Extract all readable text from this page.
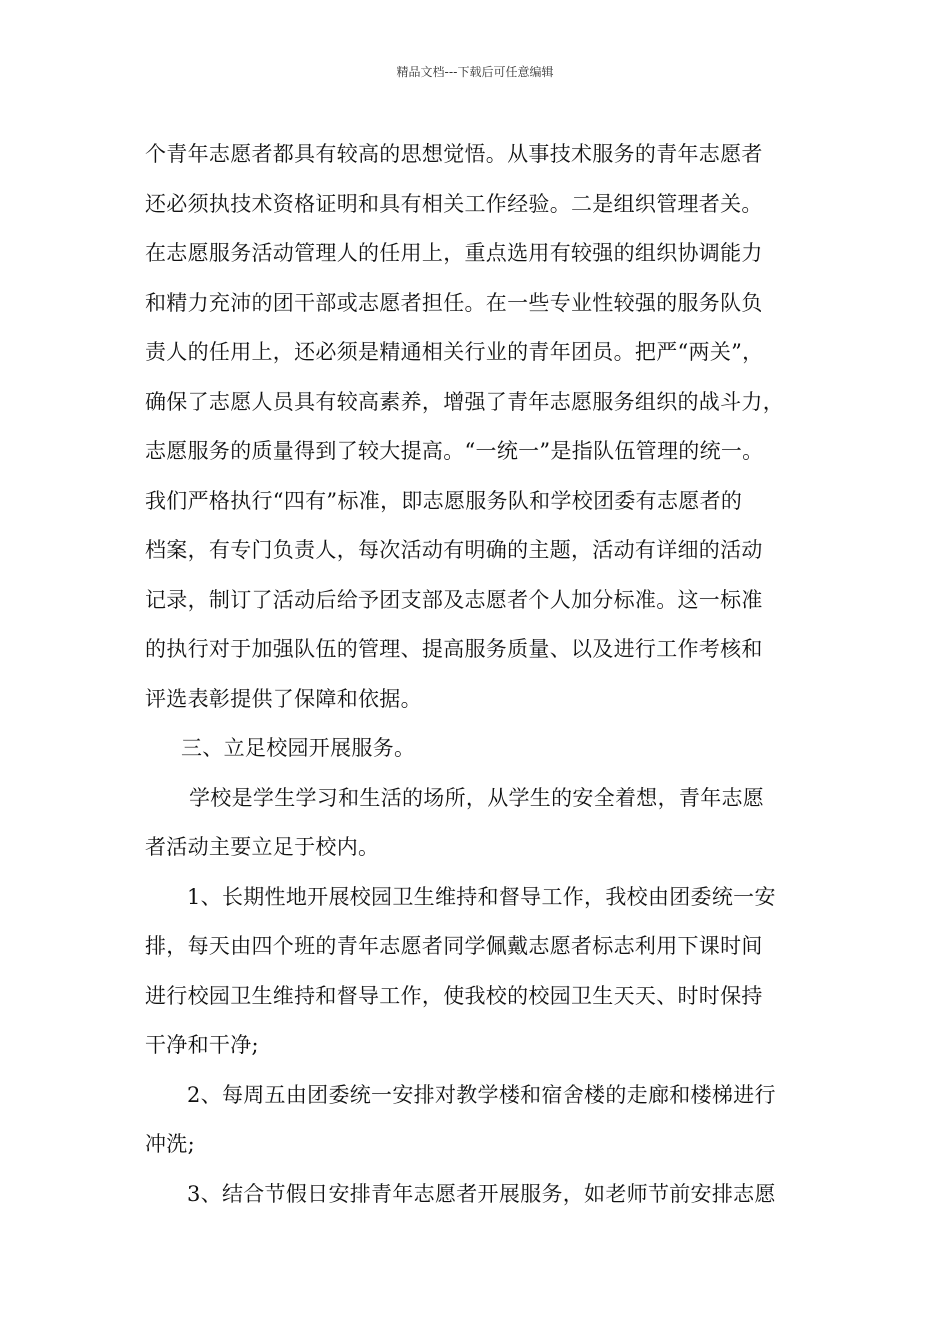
精品文档---下载后可任意编辑
个青年志愿者都具有较高的思想觉悟。从事技术服务的青年志愿者
还必须执技术资格证明和具有相关工作经验。二是组织管理者关。
在志愿服务活动管理人的任用上，重点选用有较强的组织协调能力
和精力充沛的团干部或志愿者担任。在一些专业性较强的服务队负
责人的任用上，还必须是精通相关行业的青年团员。把严“两关”，
确保了志愿人员具有较高素养，增强了青年志愿服务组织的战斗力，
志愿服务的质量得到了较大提高。“一统一”是指队伍管理的统一。
我们严格执行“四有”标准，即志愿服务队和学校团委有志愿者的
档案，有专门负责人，每次活动有明确的主题，活动有详细的活动
记录，制订了活动后给予团支部及志愿者个人加分标准。这一标准
的执行对于加强队伍的管理、提高服务质量、以及进行工作考核和
评选表彰提供了保障和依据。
三、立足校园开展服务。
学校是学生学习和生活的场所，从学生的安全着想，青年志愿
者活动主要立足于校内。
1、长期性地开展校园卫生维持和督导工作，我校由团委统一安
排，每天由四个班的青年志愿者同学佩戴志愿者标志利用下课时间
进行校园卫生维持和督导工作，使我校的校园卫生天天、时时保持
干净和干净;
2、每周五由团委统一安排对教学楼和宿舍楼的走廊和楼梯进行
冲洗;
3、结合节假日安排青年志愿者开展服务，如老师节前安排志愿
